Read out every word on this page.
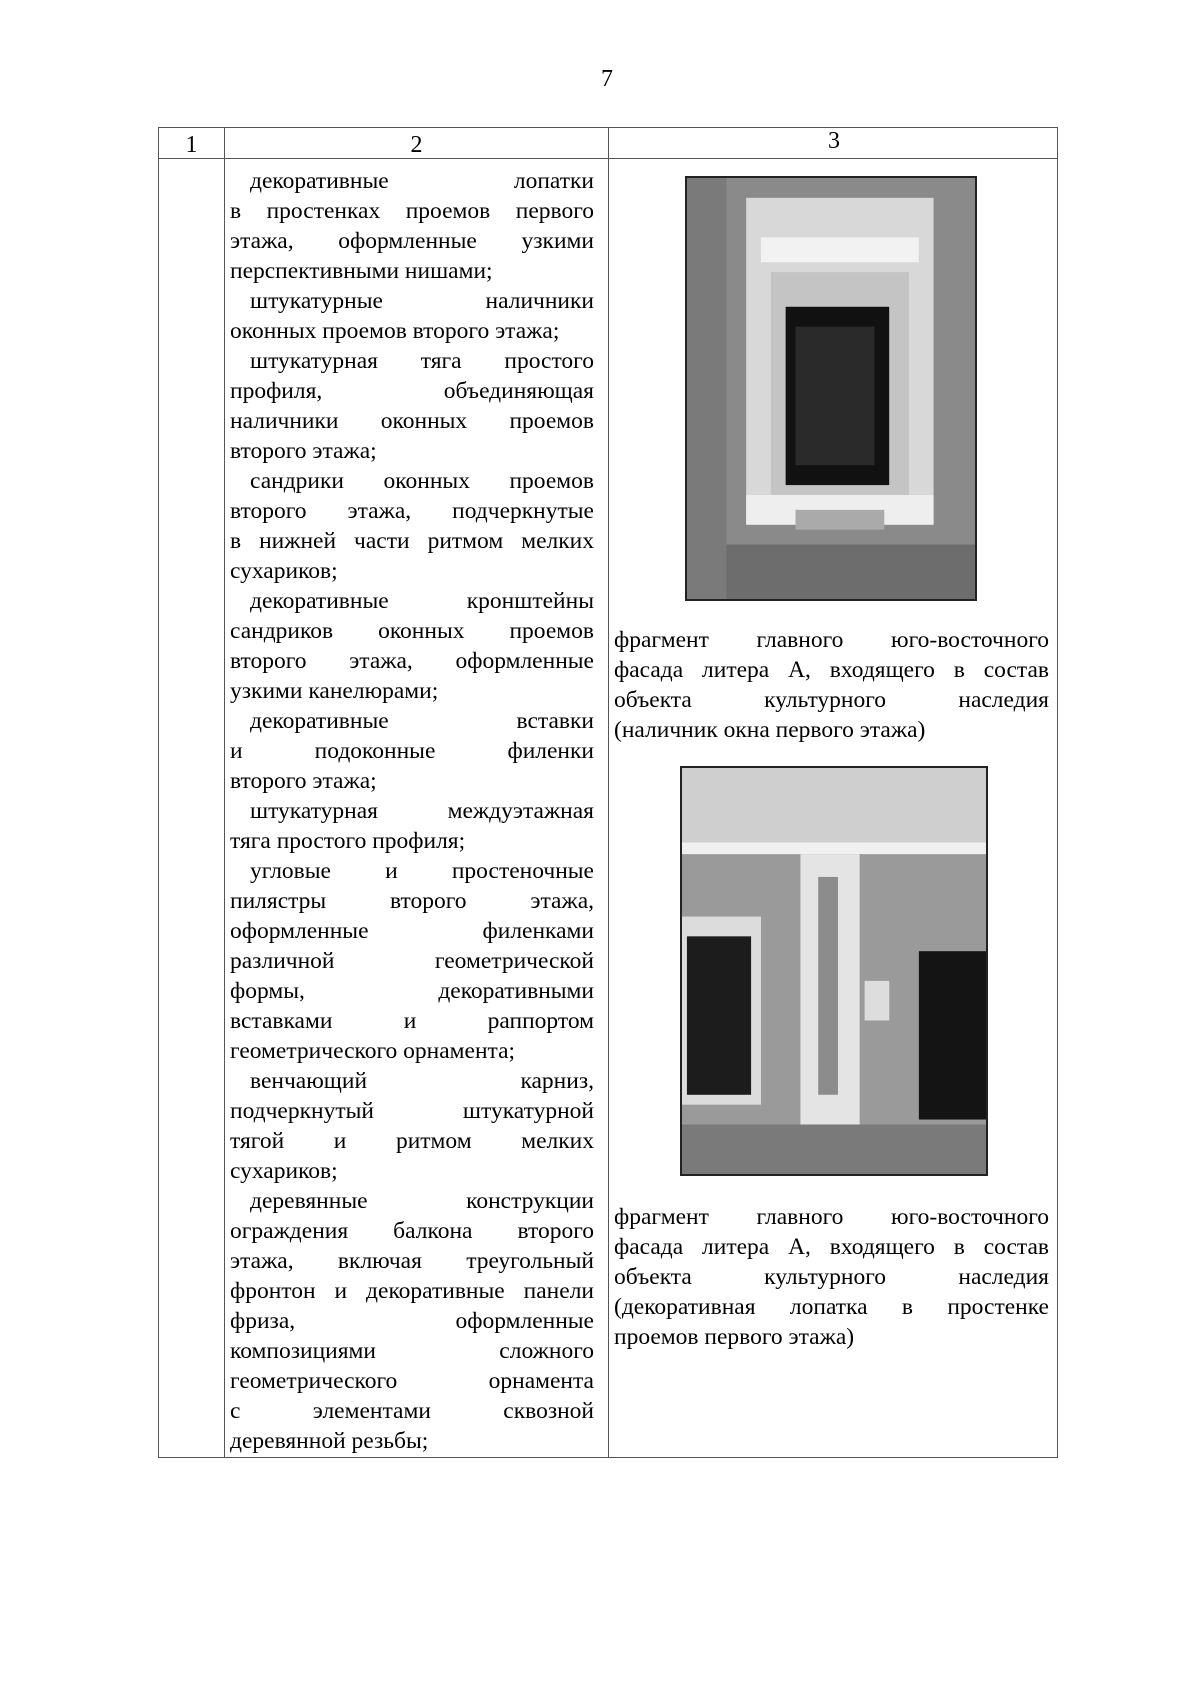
7
1	2	3
декоративные лопатки
в простенках проемов первого
этажа, оформленные узкими
перспективными нишами;
штукатурные наличники
оконных проемов второго этажа;
штукатурная тяга простого
профиля, объединяющая
наличники оконных проемов
второго этажа;
сандрики оконных проемов
второго этажа, подчеркнутые
в нижней части ритмом мелких
сухариков;
декоративные кронштейны
сандриков оконных проемов
второго этажа, оформленные
узкими канелюрами;
декоративные вставки
и подоконные филенки
второго этажа;
штукатурная междуэтажная
тяга простого профиля;
угловые и простеночные
пилястры второго этажа,
оформленные филенками
различной геометрической
формы, декоративными
вставками и раппортом
геометрического орнамента;
венчающий карниз,
подчеркнутый штукатурной
тягой и ритмом мелких
сухариков;
деревянные конструкции
ограждения балкона второго
этажа, включая треугольный
фронтон и декоративные панели
фриза, оформленные
композициями сложного
геометрического орнамента
с элементами сквозной
деревянной резьбы;
фрагмент главного юго-восточного
фасада литера А, входящего в состав
объекта культурного наследия
(наличник окна первого этажа)
фрагмент главного юго-восточного
фасада литера А, входящего в состав
объекта культурного наследия
(декоративная лопатка в простенке
проемов первого этажа)
